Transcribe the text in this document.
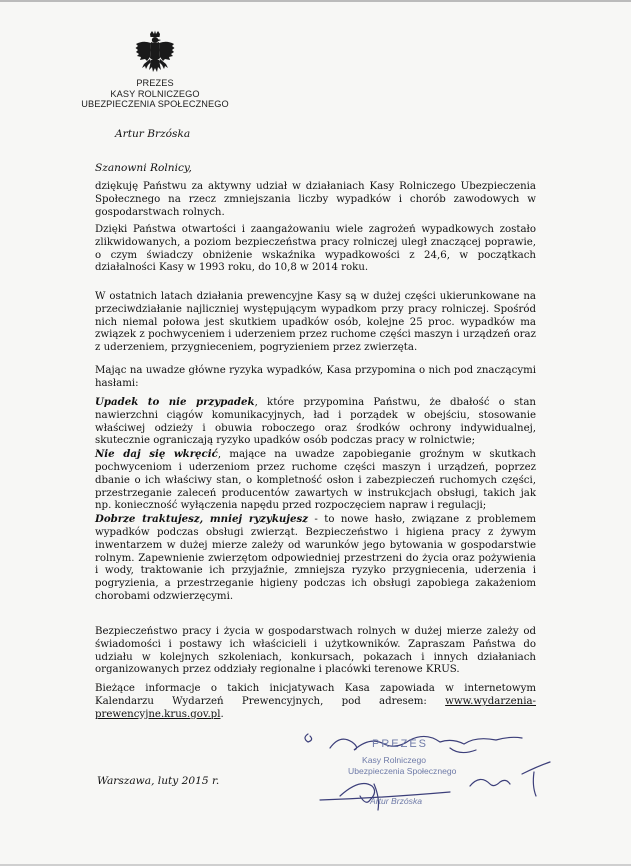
PREZES
KASY ROLNICZEGO
UBEZPIECZENIA SPOŁECZNEGO
Artur Brzóska
Szanowni Rolnicy,

dziękuję Państwu za aktywny udział w działaniach Kasy Rolniczego Ubezpieczenia Społecznego na rzecz zmniejszania liczby wypadków i chorób zawodowych w gospodarstwach rolnych.

Dzięki Państwa otwartości i zaangażowaniu wiele zagrożeń wypadkowych zostało zlikwidowanych, a poziom bezpieczeństwa pracy rolniczej uległ znaczącej poprawie, o czym świadczy obniżenie wskaźnika wypadkowości z 24,6, w początkach działalności Kasy w 1993 roku, do 10,8 w 2014 roku.

W ostatnich latach działania prewencyjne Kasy są w dużej części ukierunkowane na przeciwdziałanie najliczniej występującym wypadkom przy pracy rolniczej. Spośród nich niemal połowa jest skutkiem upadków osób, kolejne 25 proc. wypadków ma związek z pochwyceniem i uderzeniem przez ruchome części maszyn i urządzeń oraz z uderzeniem, przygnieceniem, pogryzieniem przez zwierzęta.

Mając na uwadze główne ryzyka wypadków, Kasa przypomina o nich pod znaczącymi hasłami:

Upadek to nie przypadek, które przypomina Państwu, że dbałość o stan nawierzchni ciągów komunikacyjnych, ład i porządek w obejściu, stosowanie właściwej odzieży i obuwia roboczego oraz środków ochrony indywidualnej, skutecznie ograniczają ryzyko upadków osób podczas pracy w rolnictwie;

Nie daj się wkręcić, mające na uwadze zapobieganie groźnym w skutkach pochwyceniom i uderzeniom przez ruchome części maszyn i urządzeń, poprzez dbanie o ich właściwy stan, o kompletność osłon i zabezpieczeń ruchomych części, przestrzeganie zaleceń producentów zawartych w instrukcjach obsługi, takich jak np. konieczność wyłączenia napędu przed rozpoczęciem napraw i regulacji;

Dobrze traktujesz, mniej ryzykujesz - to nowe hasło, związane z problemem wypadków podczas obsługi zwierząt. Bezpieczeństwo i higiena pracy z żywym inwentarzem w dużej mierze zależy od warunków jego bytowania w gospodarstwie rolnym. Zapewnienie zwierzętom odpowiedniej przestrzeni do życia oraz pożywienia i wody, traktowanie ich przyjaźnie, zmniejsza ryzyko przygniecenia, uderzenia i pogryzienia, a przestrzeganie higieny podczas ich obsługi zapobiega zakażeniom chorobami odzwierzęcymi.

Bezpieczeństwo pracy i życia w gospodarstwach rolnych w dużej mierze zależy od świadomości i postawy ich właścicieli i użytkowników. Zapraszam Państwa do udziału w kolejnych szkoleniach, konkursach, pokazach i innych działaniach organizowanych przez oddziały regionalne i placówki terenowe KRUS.

Bieżące informacje o takich inicjatywach Kasa zapowiada w internetowym Kalendarzu Wydarzeń Prewencyjnych, pod adresem: www.wydarzenia-prewencyjne.krus.gov.pl.

PREZES
Kasy Rolniczego
Ubezpieczenia Społecznego
Artur Brzóska
Warszawa, luty 2015 r.
